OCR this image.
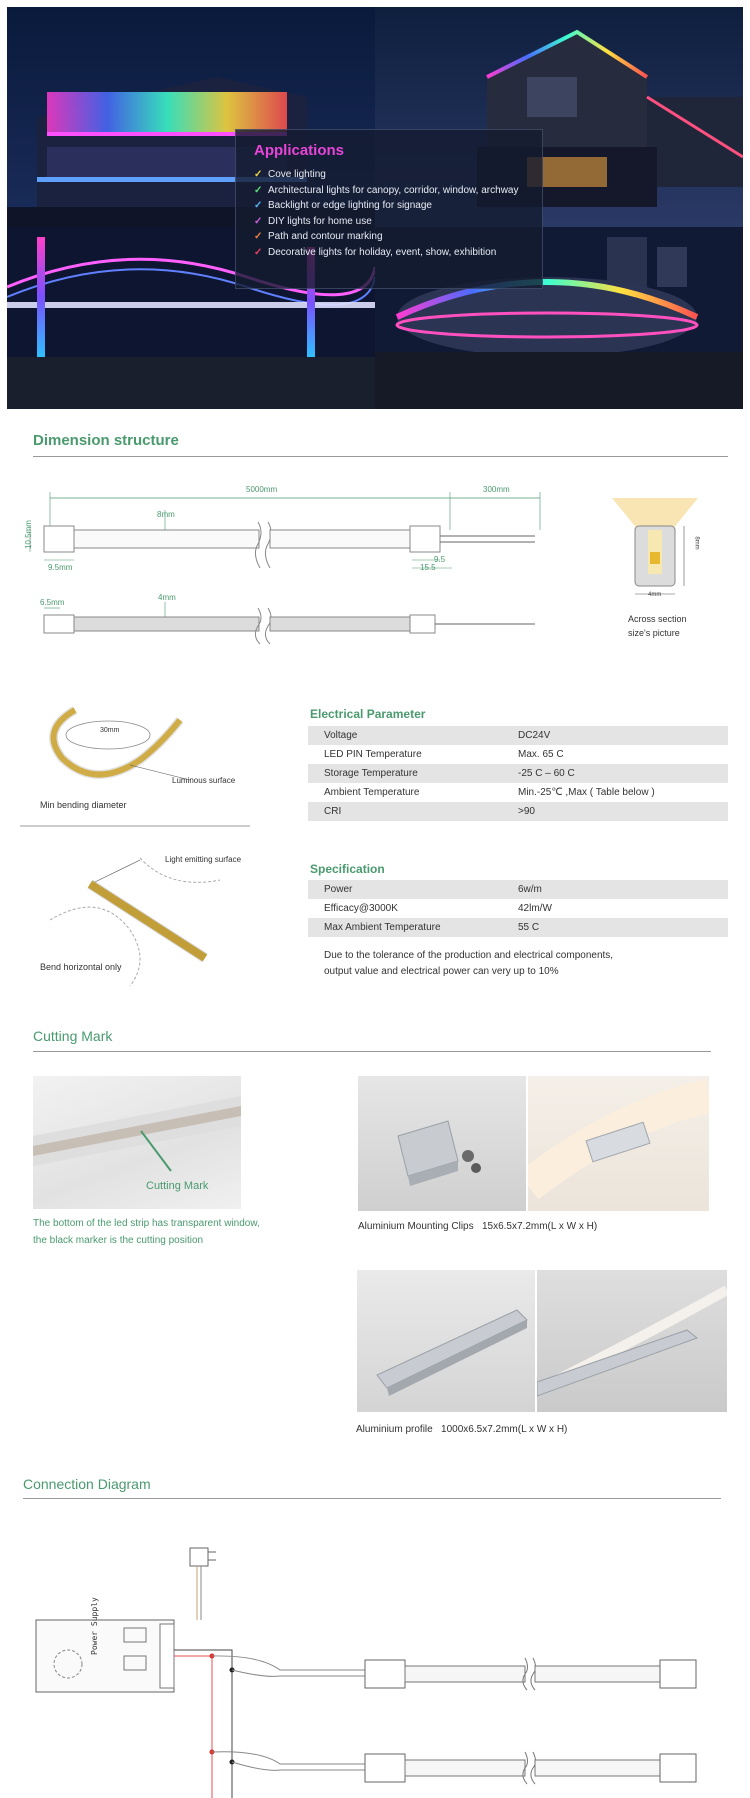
Applications
✓ Cove lighting
✓ Architectural lights for canopy, corridor, window, archway
✓ Backlight or edge lighting for signage
✓ DIY lights for home use
✓ Path and contour marking
✓ Decorative lights for holiday, event, show, exhibition
Dimension structure
5000mm	300mm
8mm
10.5mm
9.5mm
9.5
15.5
4mm
6.5mm
8mm
4mm
Across section
size's picture
30mm
Luminous surface
Min bending diameter
Light emitting surface
Bend horizontal only
Electrical Parameter
Voltage	DC24V
LED PIN Temperature	Max. 65 C
Storage Temperature	-25 C – 60 C
Ambient Temperature	Min.-25℃ ,Max ( Table below )
CRI	>90
Specification
Power	6w/m
Efficacy@3000K	42lm/W
Max Ambient Temperature	55 C
Due to the tolerance of the production and electrical components,
output value and electrical power can very up to 10%
Cutting Mark
Cutting Mark
The bottom of the led strip has transparent window,
the black marker is the cutting position
Aluminium Mounting Clips 15x6.5x7.2mm(L x W x H)
Aluminium profile 1000x6.5x7.2mm(L x W x H)
Connection Diagram
Power Supply
